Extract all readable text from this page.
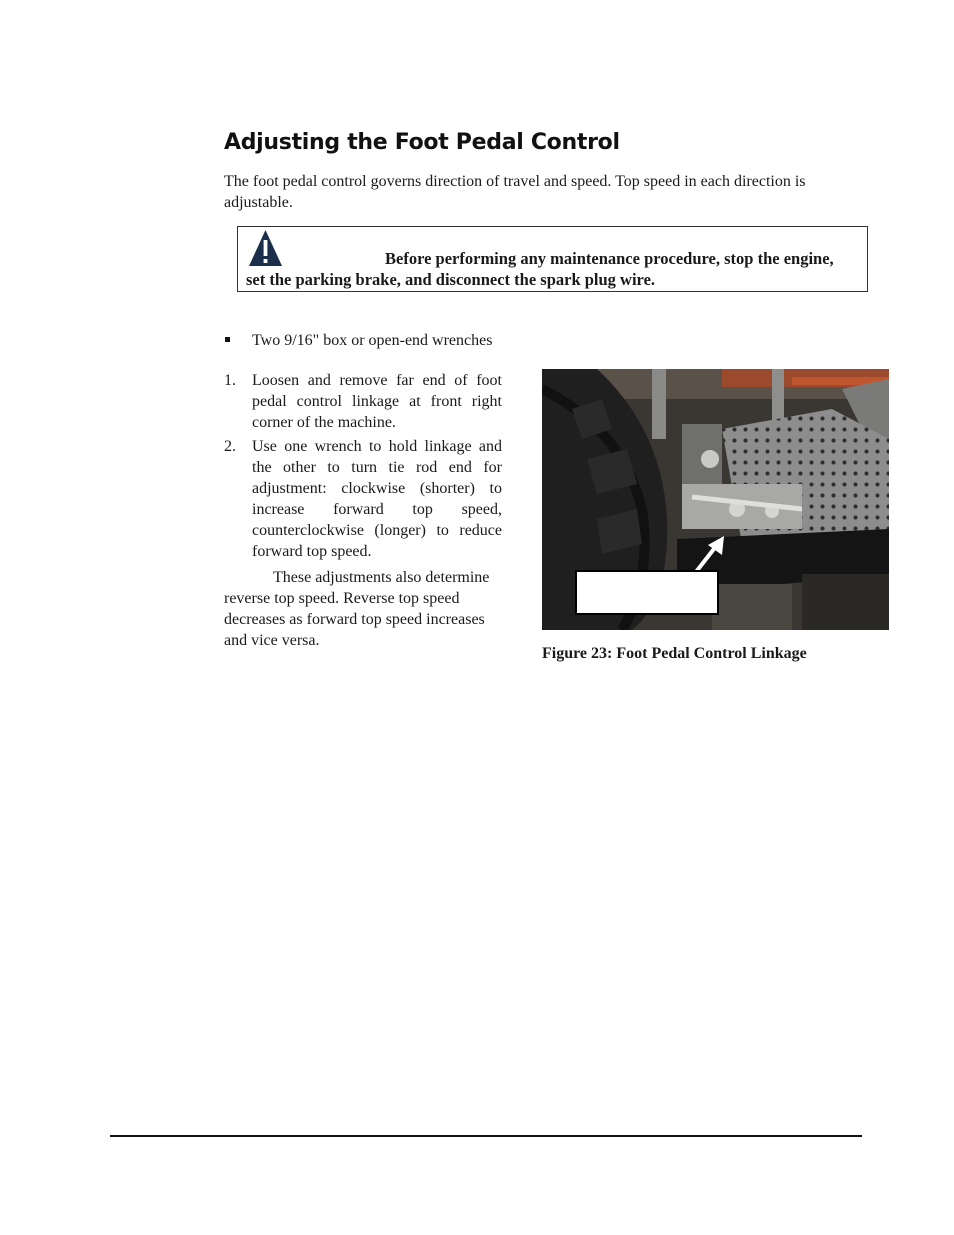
Adjusting the Foot Pedal Control

The foot pedal control governs direction of travel and speed. Top speed in each direction is adjustable.

Before performing any maintenance procedure, stop the engine, set the parking brake, and disconnect the spark plug wire.

Two 9/16" box or open-end wrenches
1. Loosen and remove far end of foot pedal control linkage at front right corner of the machine.
2. Use one wrench to hold linkage and the other to turn tie rod end for adjustment: clockwise (shorter) to increase forward top speed, counterclockwise (longer) to reduce forward top speed.

These adjustments also determine reverse top speed. Reverse top speed decreases as forward top speed increases and vice versa.

Figure 23: Foot Pedal Control Linkage
